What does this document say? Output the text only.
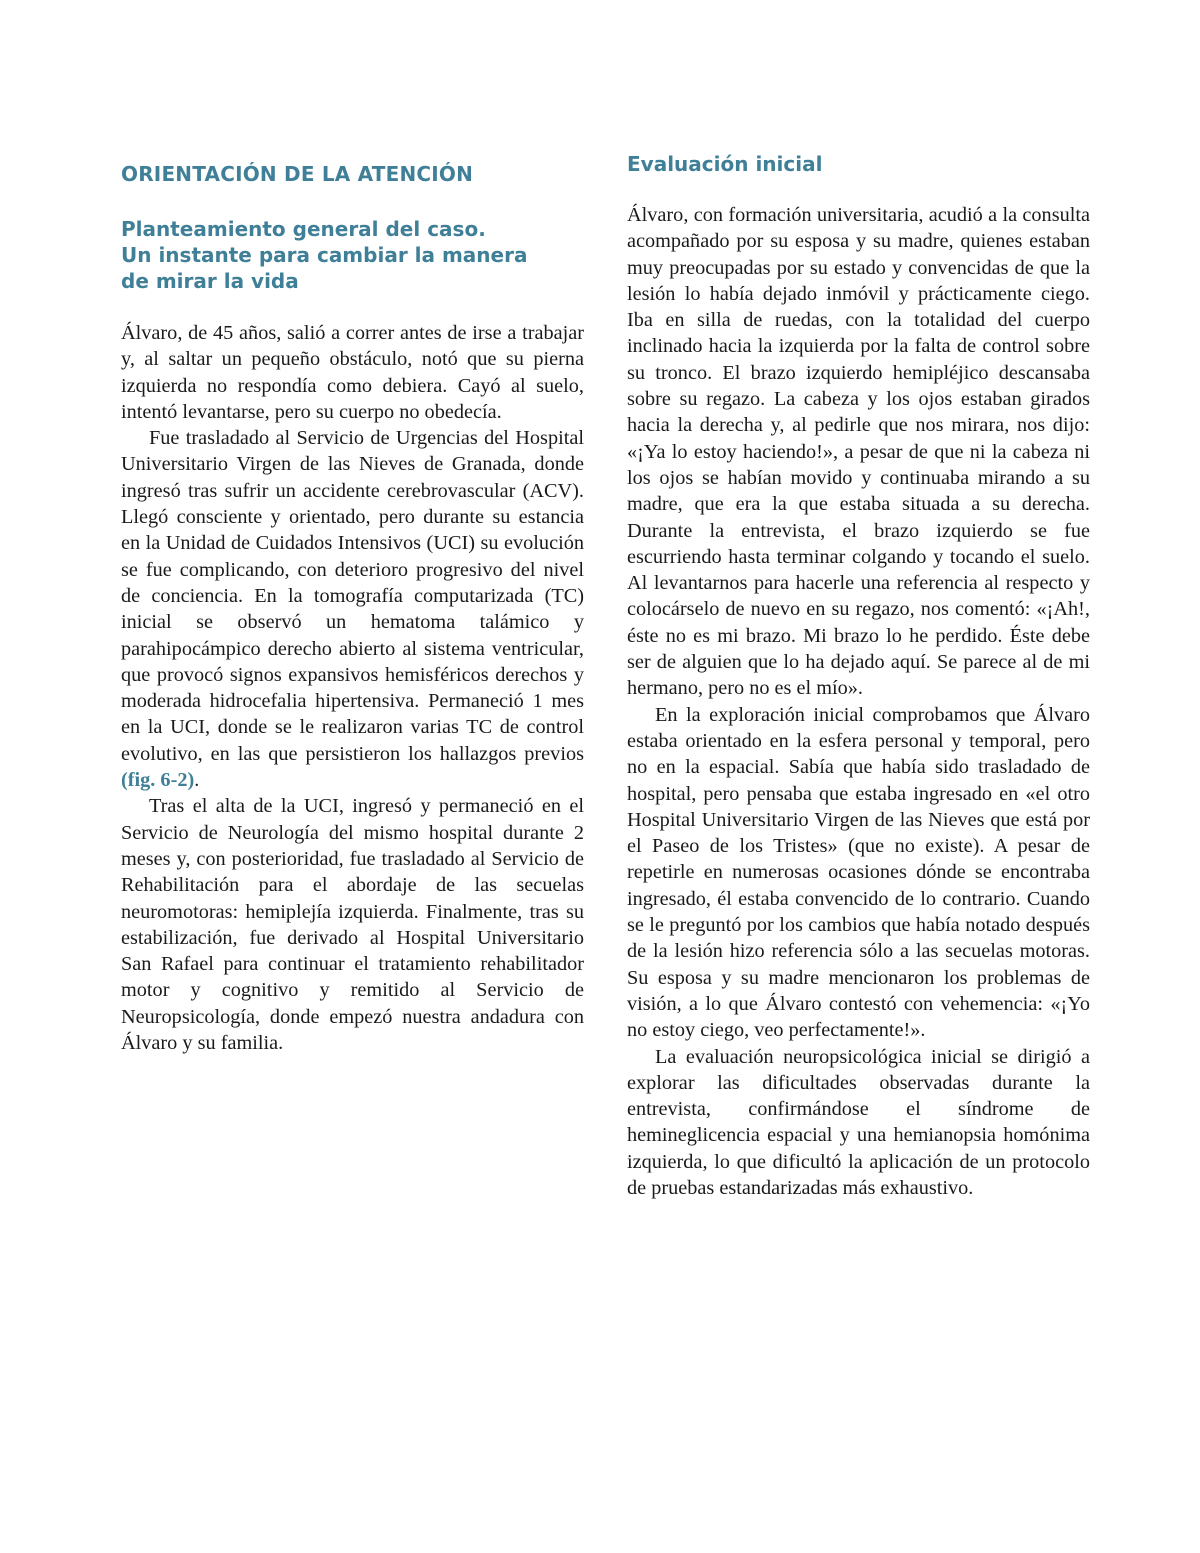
ORIENTACIÓN DE LA ATENCIÓN
Planteamiento general del caso.
Un instante para cambiar la manera
de mirar la vida

Álvaro, de 45 años, salió a correr antes de irse a trabajar y, al saltar un pequeño obstáculo, notó que su pierna izquierda no respondía como debiera. Cayó al suelo, intentó levantarse, pero su cuerpo no obedecía.

Fue trasladado al Servicio de Urgencias del Hospital Universitario Virgen de las Nieves de Granada, donde ingresó tras sufrir un accidente cerebrovascular (ACV). Llegó consciente y orientado, pero durante su estancia en la Unidad de Cuidados Intensivos (UCI) su evolución se fue complicando, con deterioro progresivo del nivel de conciencia. En la tomografía computarizada (TC) inicial se observó un hematoma talámico y parahipocámpico derecho abierto al sistema ventricular, que provocó signos expansivos hemisféricos derechos y moderada hidrocefalia hipertensiva. Permaneció 1 mes en la UCI, donde se le realizaron varias TC de control evolutivo, en las que persistieron los hallazgos previos (fig. 6-2).

Tras el alta de la UCI, ingresó y permaneció en el Servicio de Neurología del mismo hospital durante 2 meses y, con posterioridad, fue trasladado al Servicio de Rehabilitación para el abordaje de las secuelas neuromotoras: hemiplejía izquierda. Finalmente, tras su estabilización, fue derivado al Hospital Universitario San Rafael para continuar el tratamiento rehabilitador motor y cognitivo y remitido al Servicio de Neuropsicología, donde empezó nuestra andadura con Álvaro y su familia.

Evaluación inicial

Álvaro, con formación universitaria, acudió a la consulta acompañado por su esposa y su madre, quienes estaban muy preocupadas por su estado y convencidas de que la lesión lo había dejado inmóvil y prácticamente ciego. Iba en silla de ruedas, con la totalidad del cuerpo inclinado hacia la izquierda por la falta de control sobre su tronco. El brazo izquierdo hemipléjico descansaba sobre su regazo. La cabeza y los ojos estaban girados hacia la derecha y, al pedirle que nos mirara, nos dijo: «¡Ya lo estoy haciendo!», a pesar de que ni la cabeza ni los ojos se habían movido y continuaba mirando a su madre, que era la que estaba situada a su derecha. Durante la entrevista, el brazo izquierdo se fue escurriendo hasta terminar colgando y tocando el suelo. Al levantarnos para hacerle una referencia al respecto y colocárselo de nuevo en su regazo, nos comentó: «¡Ah!, éste no es mi brazo. Mi brazo lo he perdido. Éste debe ser de alguien que lo ha dejado aquí. Se parece al de mi hermano, pero no es el mío».

En la exploración inicial comprobamos que Álvaro estaba orientado en la esfera personal y temporal, pero no en la espacial. Sabía que había sido trasladado de hospital, pero pensaba que estaba ingresado en «el otro Hospital Universitario Virgen de las Nieves que está por el Paseo de los Tristes» (que no existe). A pesar de repetirle en numerosas ocasiones dónde se encontraba ingresado, él estaba convencido de lo contrario. Cuando se le preguntó por los cambios que había notado después de la lesión hizo referencia sólo a las secuelas motoras. Su esposa y su madre mencionaron los problemas de visión, a lo que Álvaro contestó con vehemencia: «¡Yo no estoy ciego, veo perfectamente!».

La evaluación neuropsicológica inicial se dirigió a explorar las dificultades observadas durante la entrevista, confirmándose el síndrome de hemineglicencia espacial y una hemianopsia homónima izquierda, lo que dificultó la aplicación de un protocolo de pruebas estandarizadas más exhaustivo.
